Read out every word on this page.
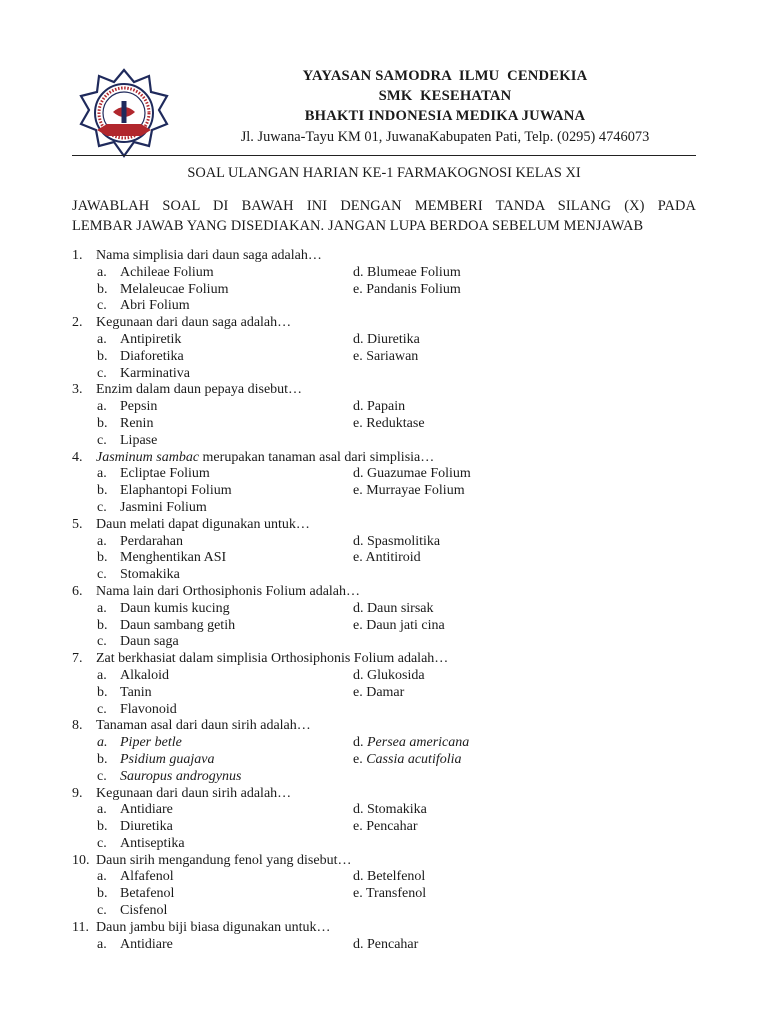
YAYASAN SAMODRA  ILMU  CENDEKIA
SMK  KESEHATAN
BHAKTI INDONESIA MEDIKA JUWANA
Jl. Juwana-Tayu KM 01, JuwanaKabupaten Pati, Telp. (0295) 4746073
SOAL ULANGAN HARIAN KE-1 FARMAKOGNOSI KELAS XI
JAWABLAH SOAL DI BAWAH INI DENGAN MEMBERI TANDA SILANG (X) PADA
LEMBAR JAWAB YANG DISEDIAKAN. JANGAN LUPA BERDOA SEBELUM MENJAWAB
1. Nama simplisia dari daun saga adalah…
a. Achileae Folium	d. Blumeae Folium
b. Melaleucae Folium	e. Pandanis Folium
c. Abri Folium
2. Kegunaan dari daun saga adalah…
a. Antipiretik	d. Diuretika
b. Diaforetika	e. Sariawan
c. Karminativa
3. Enzim dalam daun pepaya disebut…
a. Pepsin	d. Papain
b. Renin	e. Reduktase
c. Lipase
4. Jasminum sambac merupakan tanaman asal dari simplisia…
a. Ecliptae Folium	d. Guazumae Folium
b. Elaphantopi Folium	e. Murrayae Folium
c. Jasmini Folium
5. Daun melati dapat digunakan untuk…
a. Perdarahan	d. Spasmolitika
b. Menghentikan ASI	e. Antitiroid
c. Stomakika
6. Nama lain dari Orthosiphonis Folium adalah…
a. Daun kumis kucing	d. Daun sirsak
b. Daun sambang getih	e. Daun jati cina
c. Daun saga
7. Zat berkhasiat dalam simplisia Orthosiphonis Folium adalah…
a. Alkaloid	d. Glukosida
b. Tanin	e. Damar
c. Flavonoid
8. Tanaman asal dari daun sirih adalah…
a. Piper betle	d. Persea americana
b. Psidium guajava	e. Cassia acutifolia
c. Sauropus androgynus
9. Kegunaan dari daun sirih adalah…
a. Antidiare	d. Stomakika
b. Diuretika	e. Pencahar
c. Antiseptika
10. Daun sirih mengandung fenol yang disebut…
a. Alfafenol	d. Betelfenol
b. Betafenol	e. Transfenol
c. Cisfenol
11. Daun jambu biji biasa digunakan untuk…
a. Antidiare	d. Pencahar
